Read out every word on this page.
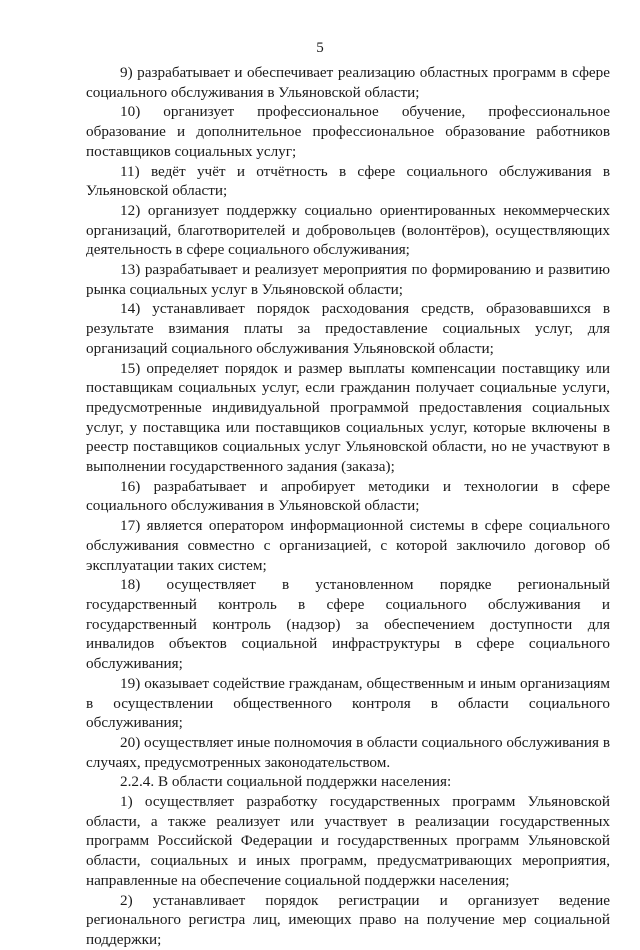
5

9) разрабатывает и обеспечивает реализацию областных программ в сфере социального обслуживания в Ульяновской области;

10) организует профессиональное обучение, профессиональное образование и дополнительное профессиональное образование работников поставщиков социальных услуг;

11) ведёт учёт и отчётность в сфере социального обслуживания в Ульяновской области;

12) организует поддержку социально ориентированных некоммерческих организаций, благотворителей и добровольцев (волонтёров), осуществляющих деятельность в сфере социального обслуживания;

13) разрабатывает и реализует мероприятия по формированию и развитию рынка социальных услуг в Ульяновской области;

14) устанавливает порядок расходования средств, образовавшихся в результате взимания платы за предоставление социальных услуг, для организаций социального обслуживания Ульяновской области;

15) определяет порядок и размер выплаты компенсации поставщику или поставщикам социальных услуг, если гражданин получает социальные услуги, предусмотренные индивидуальной программой предоставления социальных услуг, у поставщика или поставщиков социальных услуг, которые включены в реестр поставщиков социальных услуг Ульяновской области, но не участвуют в выполнении государственного задания (заказа);

16) разрабатывает и апробирует методики и технологии в сфере социального обслуживания в Ульяновской области;

17) является оператором информационной системы в сфере социального обслуживания совместно с организацией, с которой заключило договор об эксплуатации таких систем;

18) осуществляет в установленном порядке региональный государственный контроль в сфере социального обслуживания и государственный контроль (надзор) за обеспечением доступности для инвалидов объектов социальной инфраструктуры в сфере социального обслуживания;

19) оказывает содействие гражданам, общественным и иным организациям в осуществлении общественного контроля в области социального обслуживания;

20) осуществляет иные полномочия в области социального обслуживания в случаях, предусмотренных законодательством.

2.2.4. В области социальной поддержки населения:

1) осуществляет разработку государственных программ Ульяновской области, а также реализует или участвует в реализации государственных программ Российской Федерации и государственных программ Ульяновской области, социальных и иных программ, предусматривающих мероприятия, направленные на обеспечение социальной поддержки населения;

2) устанавливает порядок регистрации и организует ведение регионального регистра лиц, имеющих право на получение мер социальной поддержки;
